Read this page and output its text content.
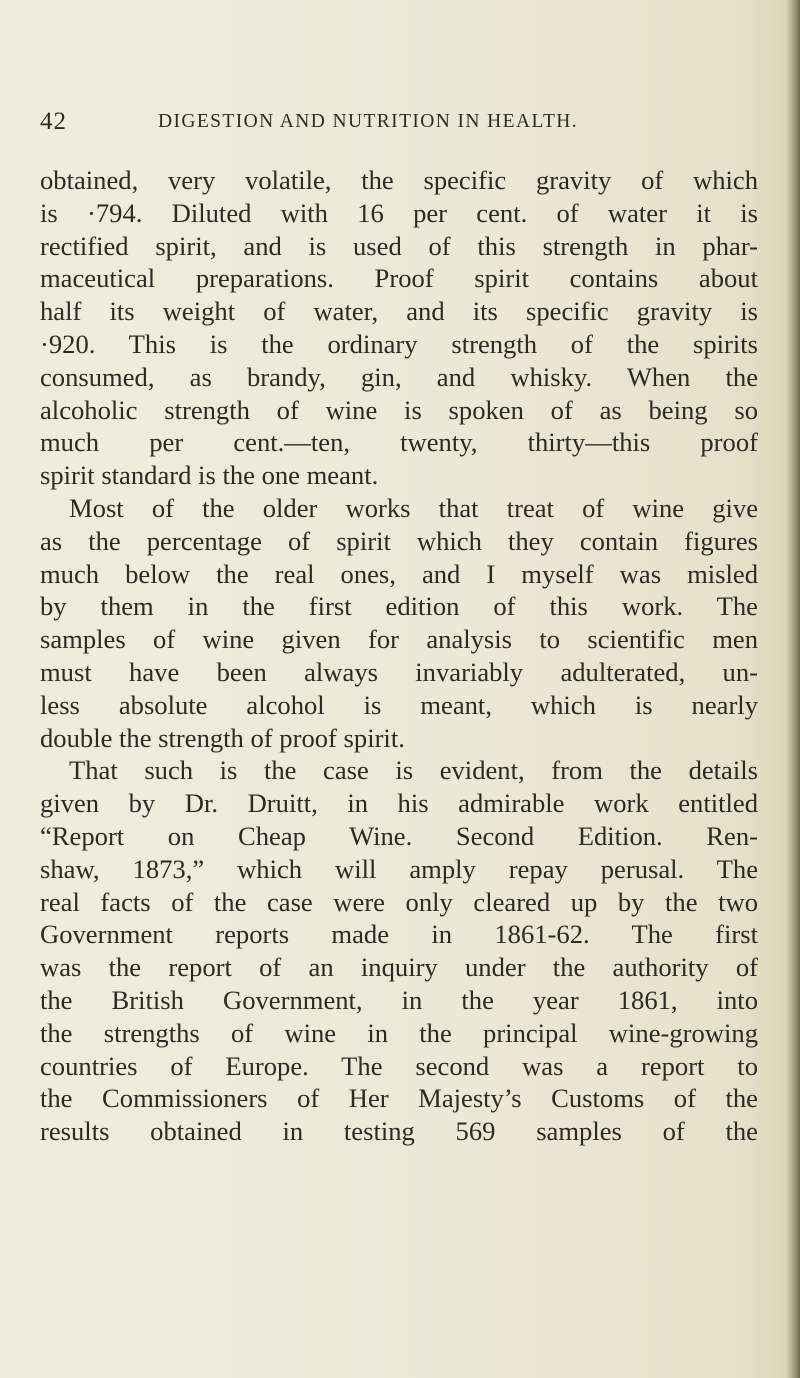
42	DIGESTION AND NUTRITION IN HEALTH.
obtained, very volatile, the specific gravity of which
is ·794. Diluted with 16 per cent. of water it is
rectified spirit, and is used of this strength in phar-
maceutical preparations. Proof spirit contains about
half its weight of water, and its specific gravity is
·920. This is the ordinary strength of the spirits
consumed, as brandy, gin, and whisky. When the
alcoholic strength of wine is spoken of as being so
much per cent.—ten, twenty, thirty—this proof
spirit standard is the one meant.
Most of the older works that treat of wine give
as the percentage of spirit which they contain figures
much below the real ones, and I myself was misled
by them in the first edition of this work. The
samples of wine given for analysis to scientific men
must have been always invariably adulterated, un-
less absolute alcohol is meant, which is nearly
double the strength of proof spirit.
That such is the case is evident, from the details
given by Dr. Druitt, in his admirable work entitled
“Report on Cheap Wine. Second Edition. Ren-
shaw, 1873,” which will amply repay perusal. The
real facts of the case were only cleared up by the two
Government reports made in 1861-62. The first
was the report of an inquiry under the authority of
the British Government, in the year 1861, into
the strengths of wine in the principal wine-growing
countries of Europe. The second was a report to
the Commissioners of Her Majesty’s Customs of the
results obtained in testing 569 samples of the
